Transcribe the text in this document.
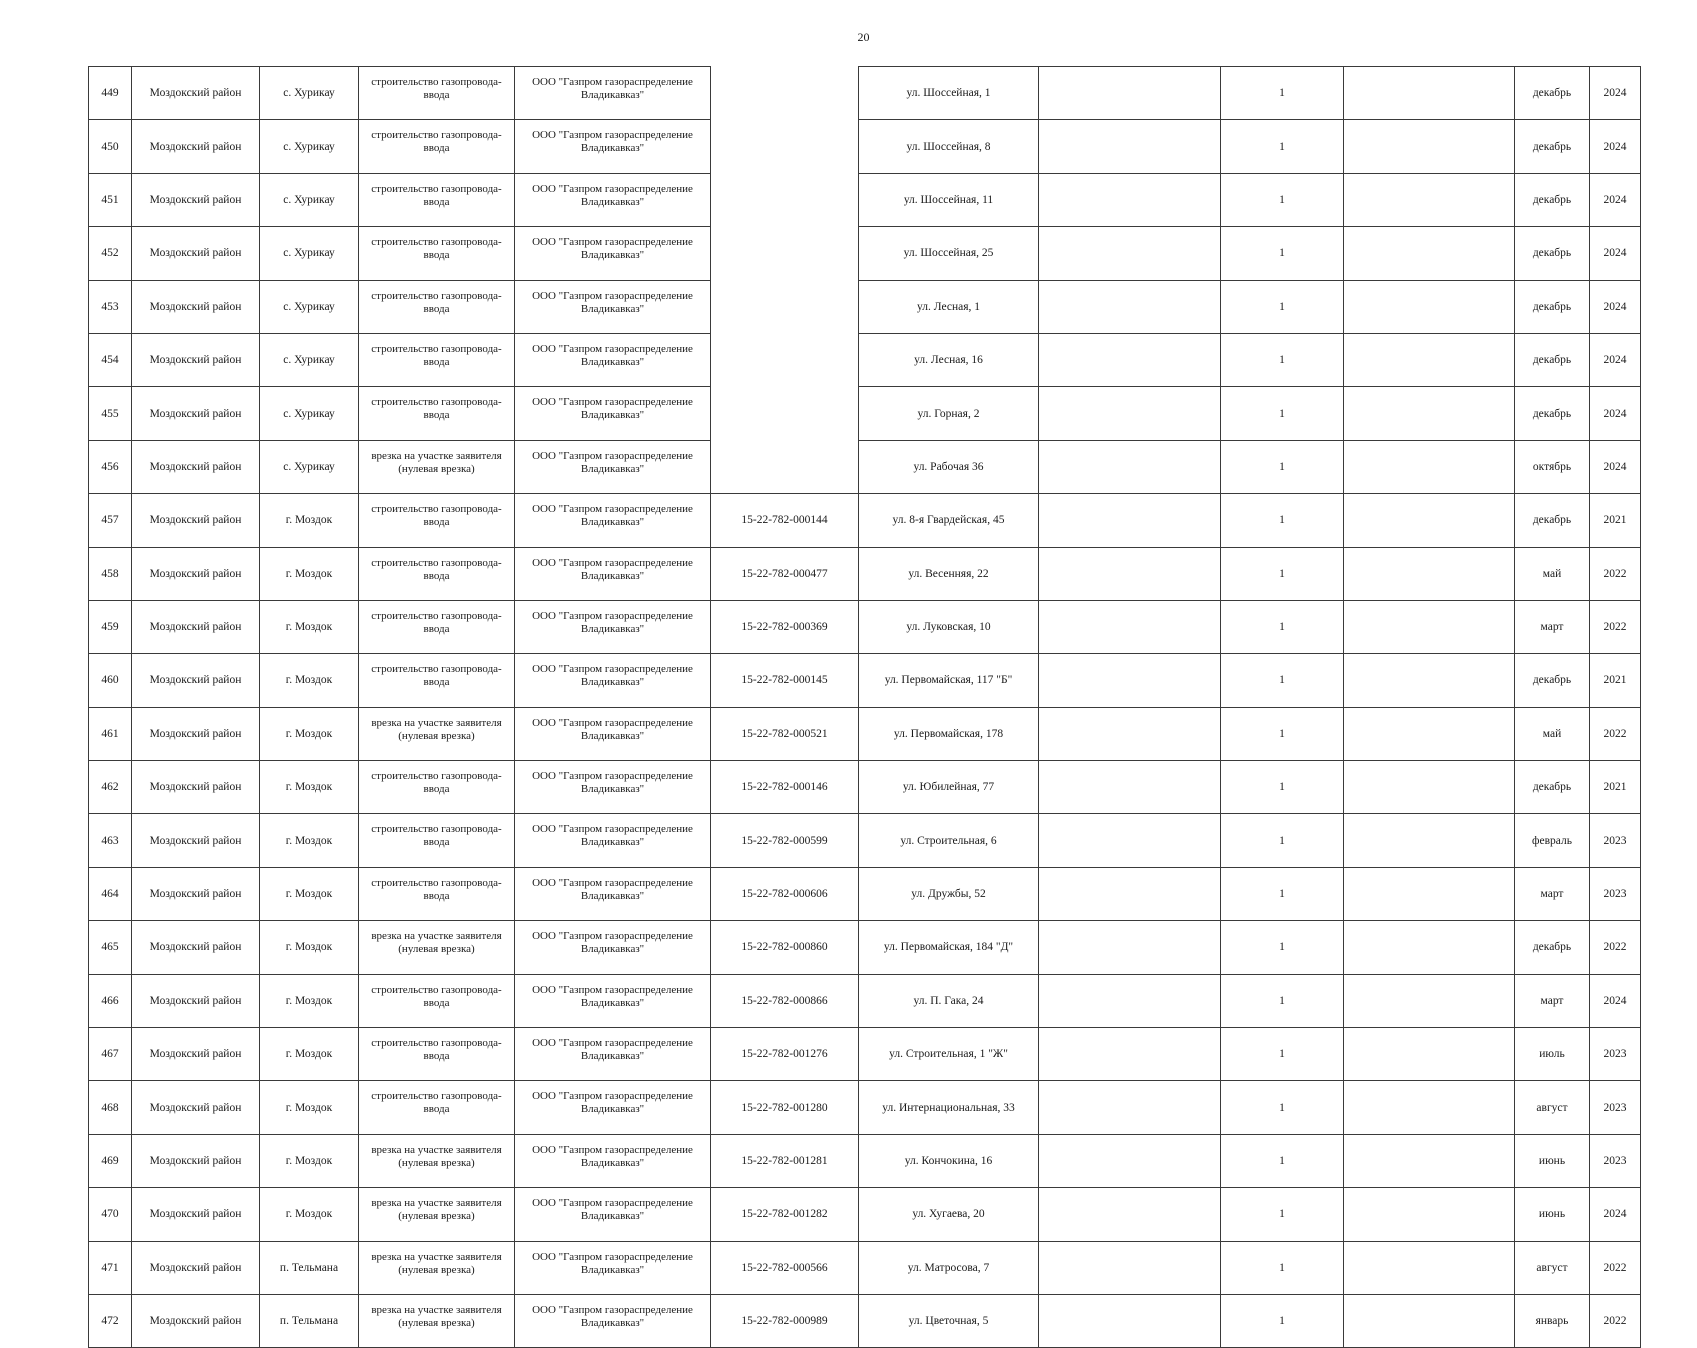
20
449	Моздокский район	с. Хурикау	строительство газопровода-ввода	ООО "Газпром газораспределение Владикавказ"		ул. Шоссейная, 1		1		декабрь	2024
450	Моздокский район	с. Хурикау	строительство газопровода-ввода	ООО "Газпром газораспределение Владикавказ"		ул. Шоссейная, 8		1		декабрь	2024
451	Моздокский район	с. Хурикау	строительство газопровода-ввода	ООО "Газпром газораспределение Владикавказ"		ул. Шоссейная, 11		1		декабрь	2024
452	Моздокский район	с. Хурикау	строительство газопровода-ввода	ООО "Газпром газораспределение Владикавказ"		ул. Шоссейная, 25		1		декабрь	2024
453	Моздокский район	с. Хурикау	строительство газопровода-ввода	ООО "Газпром газораспределение Владикавказ"		ул. Лесная, 1		1		декабрь	2024
454	Моздокский район	с. Хурикау	строительство газопровода-ввода	ООО "Газпром газораспределение Владикавказ"		ул. Лесная, 16		1		декабрь	2024
455	Моздокский район	с. Хурикау	строительство газопровода-ввода	ООО "Газпром газораспределение Владикавказ"		ул. Горная, 2		1		декабрь	2024
456	Моздокский район	с. Хурикау	врезка на участке заявителя (нулевая врезка)	ООО "Газпром газораспределение Владикавказ"		ул. Рабочая 36		1		октябрь	2024
457	Моздокский район	г. Моздок	строительство газопровода-ввода	ООО "Газпром газораспределение Владикавказ"	15-22-782-000144	ул. 8-я Гвардейская, 45		1		декабрь	2021
458	Моздокский район	г. Моздок	строительство газопровода-ввода	ООО "Газпром газораспределение Владикавказ"	15-22-782-000477	ул. Весенняя, 22		1		май	2022
459	Моздокский район	г. Моздок	строительство газопровода-ввода	ООО "Газпром газораспределение Владикавказ"	15-22-782-000369	ул. Луковская, 10		1		март	2022
460	Моздокский район	г. Моздок	строительство газопровода-ввода	ООО "Газпром газораспределение Владикавказ"	15-22-782-000145	ул. Первомайская, 117 "Б"		1		декабрь	2021
461	Моздокский район	г. Моздок	врезка на участке заявителя (нулевая врезка)	ООО "Газпром газораспределение Владикавказ"	15-22-782-000521	ул. Первомайская, 178		1		май	2022
462	Моздокский район	г. Моздок	строительство газопровода-ввода	ООО "Газпром газораспределение Владикавказ"	15-22-782-000146	ул. Юбилейная, 77		1		декабрь	2021
463	Моздокский район	г. Моздок	строительство газопровода-ввода	ООО "Газпром газораспределение Владикавказ"	15-22-782-000599	ул. Строительная, 6		1		февраль	2023
464	Моздокский район	г. Моздок	строительство газопровода-ввода	ООО "Газпром газораспределение Владикавказ"	15-22-782-000606	ул. Дружбы, 52		1		март	2023
465	Моздокский район	г. Моздок	врезка на участке заявителя (нулевая врезка)	ООО "Газпром газораспределение Владикавказ"	15-22-782-000860	ул. Первомайская, 184 "Д"		1		декабрь	2022
466	Моздокский район	г. Моздок	строительство газопровода-ввода	ООО "Газпром газораспределение Владикавказ"	15-22-782-000866	ул. П. Гака, 24		1		март	2024
467	Моздокский район	г. Моздок	строительство газопровода-ввода	ООО "Газпром газораспределение Владикавказ"	15-22-782-001276	ул. Строительная, 1 "Ж"		1		июль	2023
468	Моздокский район	г. Моздок	строительство газопровода-ввода	ООО "Газпром газораспределение Владикавказ"	15-22-782-001280	ул. Интернациональная, 33		1		август	2023
469	Моздокский район	г. Моздок	врезка на участке заявителя (нулевая врезка)	ООО "Газпром газораспределение Владикавказ"	15-22-782-001281	ул. Кончокина, 16		1		июнь	2023
470	Моздокский район	г. Моздок	врезка на участке заявителя (нулевая врезка)	ООО "Газпром газораспределение Владикавказ"	15-22-782-001282	ул. Хугаева, 20		1		июнь	2024
471	Моздокский район	п. Тельмана	врезка на участке заявителя (нулевая врезка)	ООО "Газпром газораспределение Владикавказ"	15-22-782-000566	ул. Матросова, 7		1		август	2022
472	Моздокский район	п. Тельмана	врезка на участке заявителя (нулевая врезка)	ООО "Газпром газораспределение Владикавказ"	15-22-782-000989	ул. Цветочная, 5		1		январь	2022
